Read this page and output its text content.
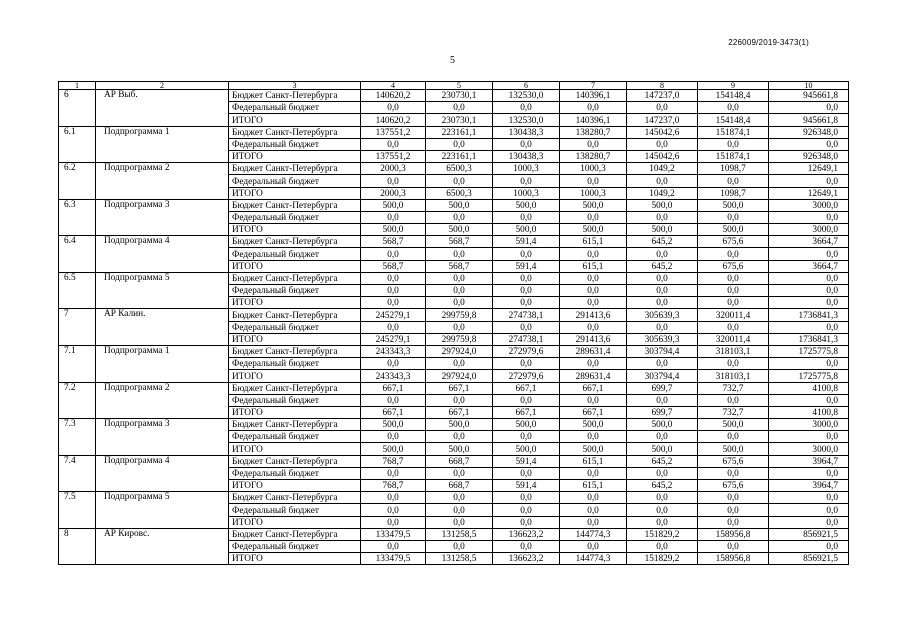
226009/2019-3473(1)
5
1	2	3	4	5	6	7	8	9	10
6	АР Выб.	Бюджет Санкт-Петербурга	140620,2	230730,1	132530,0	140396,1	147237,0	154148,4	945661,8
		Федеральный бюджет	0,0	0,0	0,0	0,0	0,0	0,0	0,0
		ИТОГО	140620,2	230730,1	132530,0	140396,1	147237,0	154148,4	945661,8
6.1	Подпрограмма 1	Бюджет Санкт-Петербурга	137551,2	223161,1	130438,3	138280,7	145042,6	151874,1	926348,0
		Федеральный бюджет	0,0	0,0	0,0	0,0	0,0	0,0	0,0
		ИТОГО	137551,2	223161,1	130438,3	138280,7	145042,6	151874,1	926348,0
6.2	Подпрограмма 2	Бюджет Санкт-Петербурга	2000,3	6500,3	1000,3	1000,3	1049,2	1098,7	12649,1
		Федеральный бюджет	0,0	0,0	0,0	0,0	0,0	0,0	0,0
		ИТОГО	2000,3	6500,3	1000,3	1000,3	1049,2	1098,7	12649,1
6.3	Подпрограмма 3	Бюджет Санкт-Петербурга	500,0	500,0	500,0	500,0	500,0	500,0	3000,0
		Федеральный бюджет	0,0	0,0	0,0	0,0	0,0	0,0	0,0
		ИТОГО	500,0	500,0	500,0	500,0	500,0	500,0	3000,0
6.4	Подпрограмма 4	Бюджет Санкт-Петербурга	568,7	568,7	591,4	615,1	645,2	675,6	3664,7
		Федеральный бюджет	0,0	0,0	0,0	0,0	0,0	0,0	0,0
		ИТОГО	568,7	568,7	591,4	615,1	645,2	675,6	3664,7
6.5	Подпрограмма 5	Бюджет Санкт-Петербурга	0,0	0,0	0,0	0,0	0,0	0,0	0,0
		Федеральный бюджет	0,0	0,0	0,0	0,0	0,0	0,0	0,0
		ИТОГО	0,0	0,0	0,0	0,0	0,0	0,0	0,0
7	АР Калин.	Бюджет Санкт-Петербурга	245279,1	299759,8	274738,1	291413,6	305639,3	320011,4	1736841,3
		Федеральный бюджет	0,0	0,0	0,0	0,0	0,0	0,0	0,0
		ИТОГО	245279,1	299759,8	274738,1	291413,6	305639,3	320011,4	1736841,3
7.1	Подпрограмма 1	Бюджет Санкт-Петербурга	243343,3	297924,0	272979,6	289631,4	303794,4	318103,1	1725775,8
		Федеральный бюджет	0,0	0,0	0,0	0,0	0,0	0,0	0,0
		ИТОГО	243343,3	297924,0	272979,6	289631,4	303794,4	318103,1	1725775,8
7.2	Подпрограмма 2	Бюджет Санкт-Петербурга	667,1	667,1	667,1	667,1	699,7	732,7	4100,8
		Федеральный бюджет	0,0	0,0	0,0	0,0	0,0	0,0	0,0
		ИТОГО	667,1	667,1	667,1	667,1	699,7	732,7	4100,8
7.3	Подпрограмма 3	Бюджет Санкт-Петербурга	500,0	500,0	500,0	500,0	500,0	500,0	3000,0
		Федеральный бюджет	0,0	0,0	0,0	0,0	0,0	0,0	0,0
		ИТОГО	500,0	500,0	500,0	500,0	500,0	500,0	3000,0
7.4	Подпрограмма 4	Бюджет Санкт-Петербурга	768,7	668,7	591,4	615,1	645,2	675,6	3964,7
		Федеральный бюджет	0,0	0,0	0,0	0,0	0,0	0,0	0,0
		ИТОГО	768,7	668,7	591,4	615,1	645,2	675,6	3964,7
7.5	Подпрограмма 5	Бюджет Санкт-Петербурга	0,0	0,0	0,0	0,0	0,0	0,0	0,0
		Федеральный бюджет	0,0	0,0	0,0	0,0	0,0	0,0	0,0
		ИТОГО	0,0	0,0	0,0	0,0	0,0	0,0	0,0
8	АР Кировс.	Бюджет Санкт-Петербурга	133479,5	131258,5	136623,2	144774,3	151829,2	158956,8	856921,5
		Федеральный бюджет	0,0	0,0	0,0	0,0	0,0	0,0	0,0
		ИТОГО	133479,5	131258,5	136623,2	144774,3	151829,2	158956,8	856921,5
